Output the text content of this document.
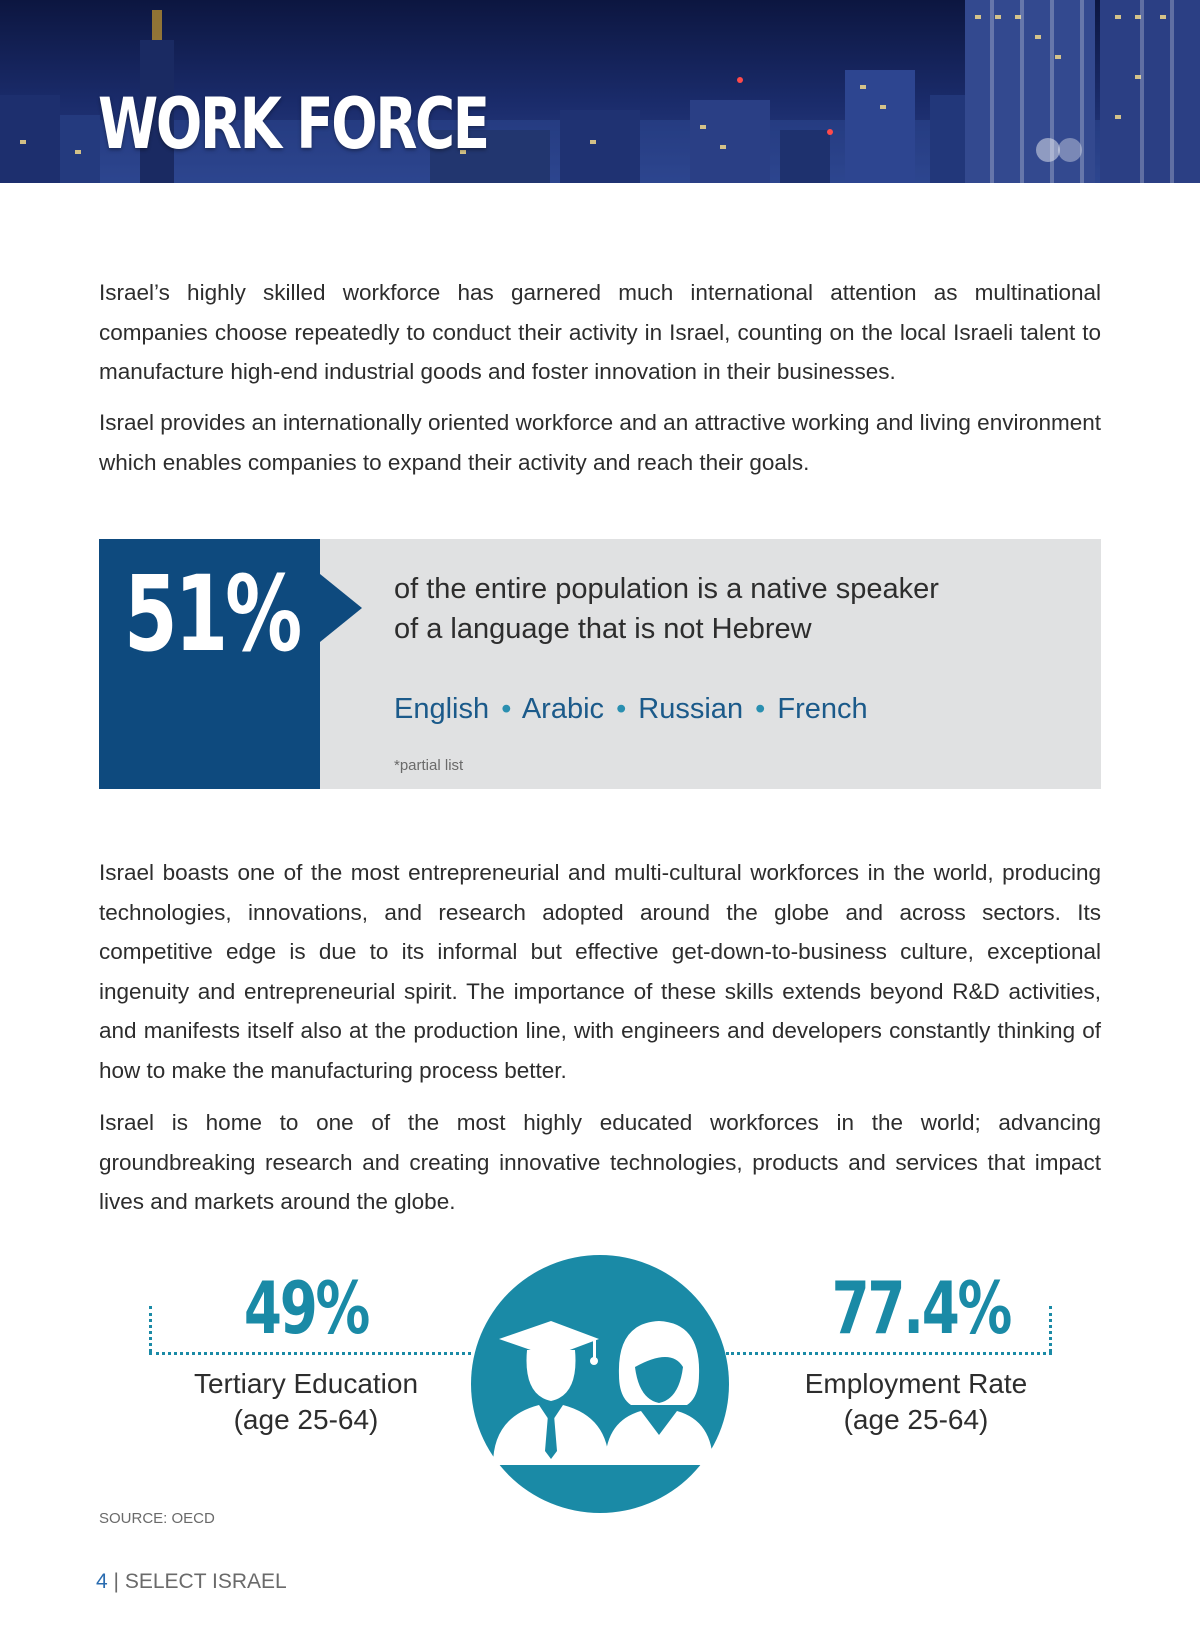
WORK FORCE

Israel’s highly skilled workforce has garnered much international attention as multinational companies choose repeatedly to conduct their activity in Israel, counting on the local Israeli talent to manufacture high-end industrial goods and foster innovation in their businesses.

Israel provides an internationally oriented workforce and an attractive working and living environment which enables companies to expand their activity and reach their goals.

51%	of the entire population is a native speaker
of a language that is not Hebrew

English • Arabic • Russian • French

*partial list

Israel boasts one of the most entrepreneurial and multi-cultural workforces in the world, producing technologies, innovations, and research adopted around the globe and across sectors. Its competitive edge is due to its informal but effective get-down-to-business culture, exceptional ingenuity and entrepreneurial spirit. The importance of these skills extends beyond R&D activities, and manifests itself also at the production line, with engineers and developers constantly thinking of how to make the manufacturing process better.

Israel is home to one of the most highly educated workforces in the world; advancing groundbreaking research and creating innovative technologies, products and services that impact lives and markets around the globe.

49%

Tertiary Education
(age 25-64)

77.4%

Employment Rate
(age 25-64)

SOURCE: OECD

4 | SELECT ISRAEL
